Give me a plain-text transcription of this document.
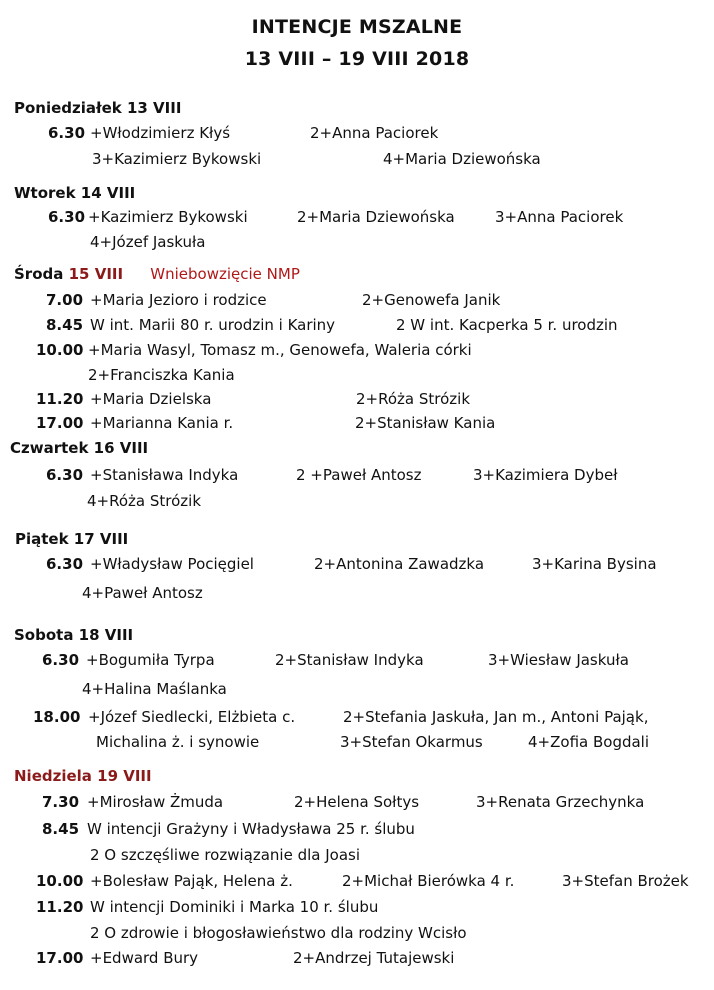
INTENCJE MSZALNE
13 VIII – 19 VIII 2018
Poniedziałek 13 VIII
6.30 +Włodzimierz Kłyś	2+Anna Paciorek
3+Kazimierz Bykowski	4+Maria Dziewońska
Wtorek 14 VIII
6.30 +Kazimierz Bykowski	2+Maria Dziewońska	3+Anna Paciorek
4+Józef Jaskuła
Środa 15 VIII Wniebowzięcie NMP
7.00 +Maria Jezioro i rodzice	2+Genowefa Janik
8.45 W int. Marii 80 r. urodzin i Kariny	2 W int. Kacperka 5 r. urodzin
10.00 +Maria Wasyl, Tomasz m., Genowefa, Waleria córki
2+Franciszka Kania
11.20 +Maria Dzielska	2+Róża Strózik
17.00 +Marianna Kania r.	2+Stanisław Kania
Czwartek 16 VIII
6.30 +Stanisława Indyka	2 +Paweł Antosz	3+Kazimiera Dybeł
4+Róża Strózik
Piątek 17 VIII
6.30 +Władysław Pocięgiel	2+Antonina Zawadzka	3+Karina Bysina
4+Paweł Antosz
Sobota 18 VIII
6.30 +Bogumiła Tyrpa	2+Stanisław Indyka	3+Wiesław Jaskuła
4+Halina Maślanka
18.00 +Józef Siedlecki, Elżbieta c.	2+Stefania Jaskuła, Jan m., Antoni Pająk,
Michalina ż. i synowie	3+Stefan Okarmus	4+Zofia Bogdali
Niedziela 19 VIII
7.30 +Mirosław Żmuda	2+Helena Sołtys	3+Renata Grzechynka
8.45 W intencji Grażyny i Władysława 25 r. ślubu
2 O szczęśliwe rozwiązanie dla Joasi
10.00 +Bolesław Pająk, Helena ż.	2+Michał Bierówka 4 r.	3+Stefan Brożek
11.20 W intencji Dominiki i Marka 10 r. ślubu
2 O zdrowie i błogosławieństwo dla rodziny Wcisło
17.00 +Edward Bury	2+Andrzej Tutajewski
